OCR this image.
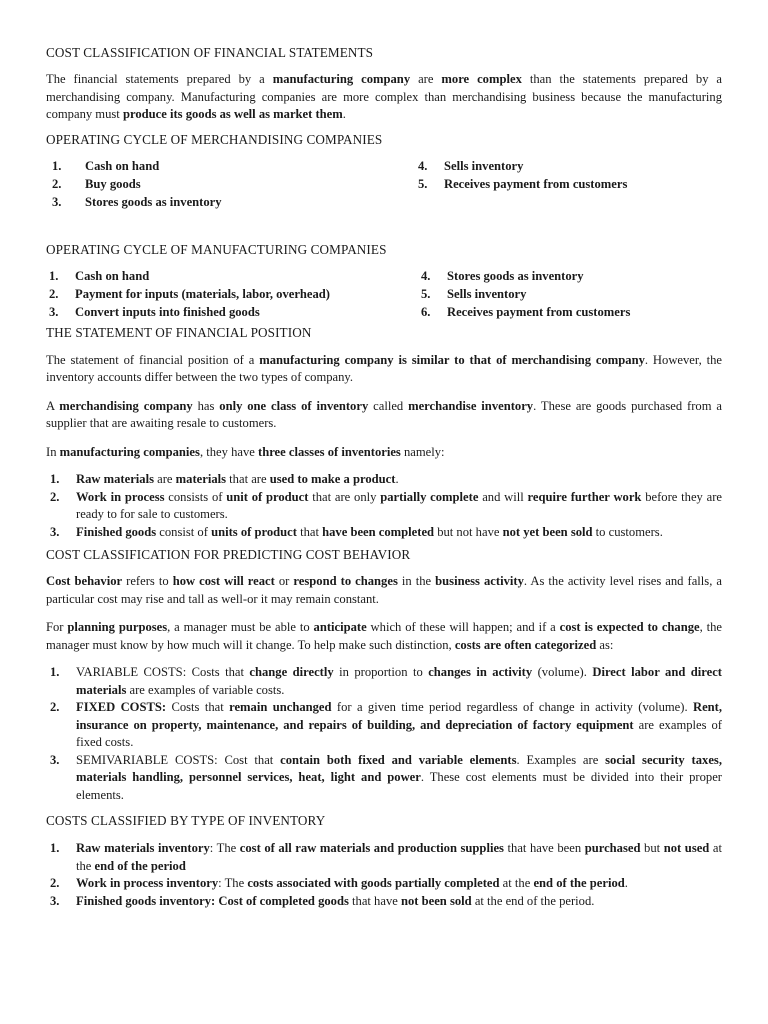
COST CLASSIFICATION OF FINANCIAL STATEMENTS

The financial statements prepared by a manufacturing company are more complex than the statements prepared by a merchandising company. Manufacturing companies are more complex than merchandising business because the manufacturing company must produce its goods as well as market them.

OPERATING CYCLE OF MERCHANDISING COMPANIES
1.	Cash on hand
2.	Buy goods
3.	Stores goods as inventory
4.	Sells inventory
5.	Receives payment from customers
OPERATING CYCLE OF MANUFACTURING COMPANIES
1.	Cash on hand
2.	Payment for inputs (materials, labor, overhead)
3.	Convert inputs into finished goods
4.	Stores goods as inventory
5.	Sells inventory
6.	Receives payment from customers
THE STATEMENT OF FINANCIAL POSITION

The statement of financial position of a manufacturing company is similar to that of merchandising company. However, the inventory accounts differ between the two types of company.

A merchandising company has only one class of inventory called merchandise inventory. These are goods purchased from a supplier that are awaiting resale to customers.

In manufacturing companies, they have three classes of inventories namely:

1.	Raw materials are materials that are used to make a product.
2.	Work in process consists of unit of product that are only partially complete and will require further work before they are ready to for sale to customers.
3.	Finished goods consist of units of product that have been completed but not have not yet been sold to customers.
COST CLASSIFICATION FOR PREDICTING COST BEHAVIOR

Cost behavior refers to how cost will react or respond to changes in the business activity. As the activity level rises and falls, a particular cost may rise and tall as well-or it may remain constant.

For planning purposes, a manager must be able to anticipate which of these will happen; and if a cost is expected to change, the manager must know by how much will it change. To help make such distinction, costs are often categorized as:

1.	VARIABLE COSTS: Costs that change directly in proportion to changes in activity (volume). Direct labor and direct materials are examples of variable costs.
2.	FIXED COSTS: Costs that remain unchanged for a given time period regardless of change in activity (volume). Rent, insurance on property, maintenance, and repairs of building, and depreciation of factory equipment are examples of fixed costs.
3.	SEMIVARIABLE COSTS: Cost that contain both fixed and variable elements. Examples are social security taxes, materials handling, personnel services, heat, light and power. These cost elements must be divided into their proper elements.
COSTS CLASSIFIED BY TYPE OF INVENTORY
1.	Raw materials inventory: The cost of all raw materials and production supplies that have been purchased but not used at the end of the period
2.	Work in process inventory: The costs associated with goods partially completed at the end of the period.
3.	Finished goods inventory: Cost of completed goods that have not been sold at the end of the period.
